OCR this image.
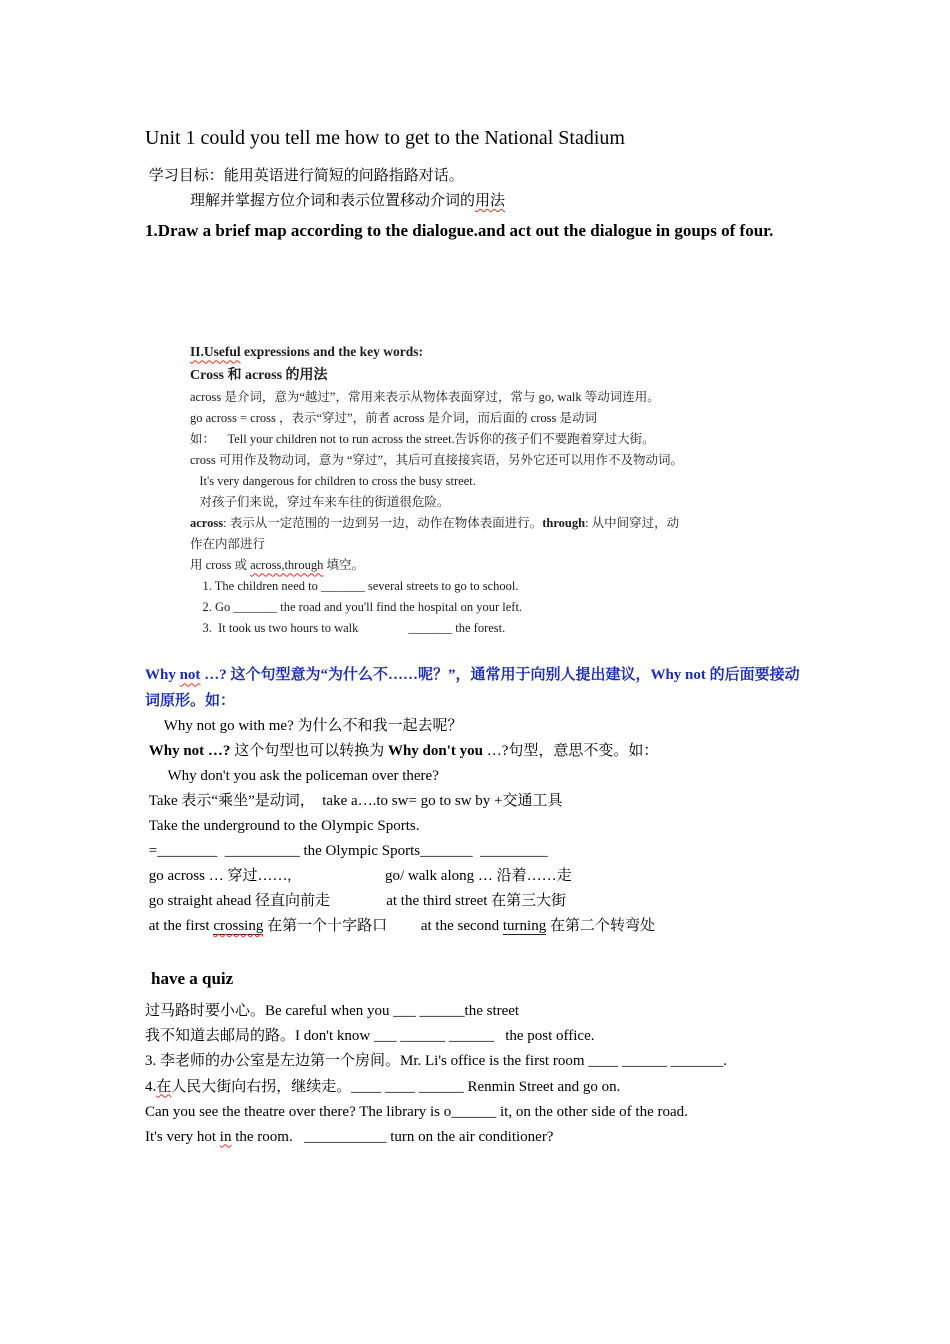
Unit 1 could you tell me how to get to the National Stadium
学习目标：能用英语进行简短的问路指路对话。
　　　理解并掌握方位介词和表示位置移动介词的用法
1.Draw a brief map according to the dialogue.and act out the dialogue in goups of four.
II.Useful expressions and the key words:
Cross 和 across 的用法
across 是介词，意为“越过”，常用来表示从物体表面穿过，常与 go, walk 等动词连用。
go across = cross ，表示“穿过”，前者 across 是介词，而后面的 cross 是动词
如：    Tell your children not to run across the street.告诉你的孩子们不要跑着穿过大街。
cross 可用作及物动词，意为 “穿过”，其后可直接接宾语，另外它还可以用作不及物动词。
It's very dangerous for children to cross the busy street.
对孩子们来说，穿过车来车往的街道很危险。
across: 表示从一定范围的一边到另一边，动作在物体表面进行。through: 从中间穿过，动
作在内部进行
用 cross 或 across,through 填空。
1. The children need to _______ several streets to go to school.
2. Go _______ the road and you'll find the hospital on your left.
3.  It took us two hours to walk                _______ the forest.
Why not …? 这个句型意为“为什么不……呢？”，通常用于向别人提出建议，Why not 的后面要接动词原形。如：
Why not go with me? 为什么不和我一起去呢？
Why not …? 这个句型也可以转换为 Why don't you …?句型，意思不变。如：
Why don't you ask the policeman over there?
Take 表示“乘坐”是动词，  take a….to sw= go to sw by +交通工具
Take the underground to the Olympic Sports.
=________  __________ the Olympic Sports_______  _________
go across … 穿过……,                         go/ walk along … 沿着……走
go straight ahead 径直向前走               at the third street 在第三大街
at the first crossing 在第一个十字路口         at the second turning 在第二个转弯处
have a quiz
过马路时要小心。Be careful when you ___ ______the street
我不知道去邮局的路。I don't know ___ ______ ______   the post office.
3. 李老师的办公室是左边第一个房间。Mr. Li's office is the first room ____ ______ _______.
4.在人民大街向右拐，继续走。____ ____ ______ Renmin Street and go on.
Can you see the theatre over there? The library is o______ it, on the other side of the road.
It's very hot in the room.   ___________ turn on the air conditioner?
